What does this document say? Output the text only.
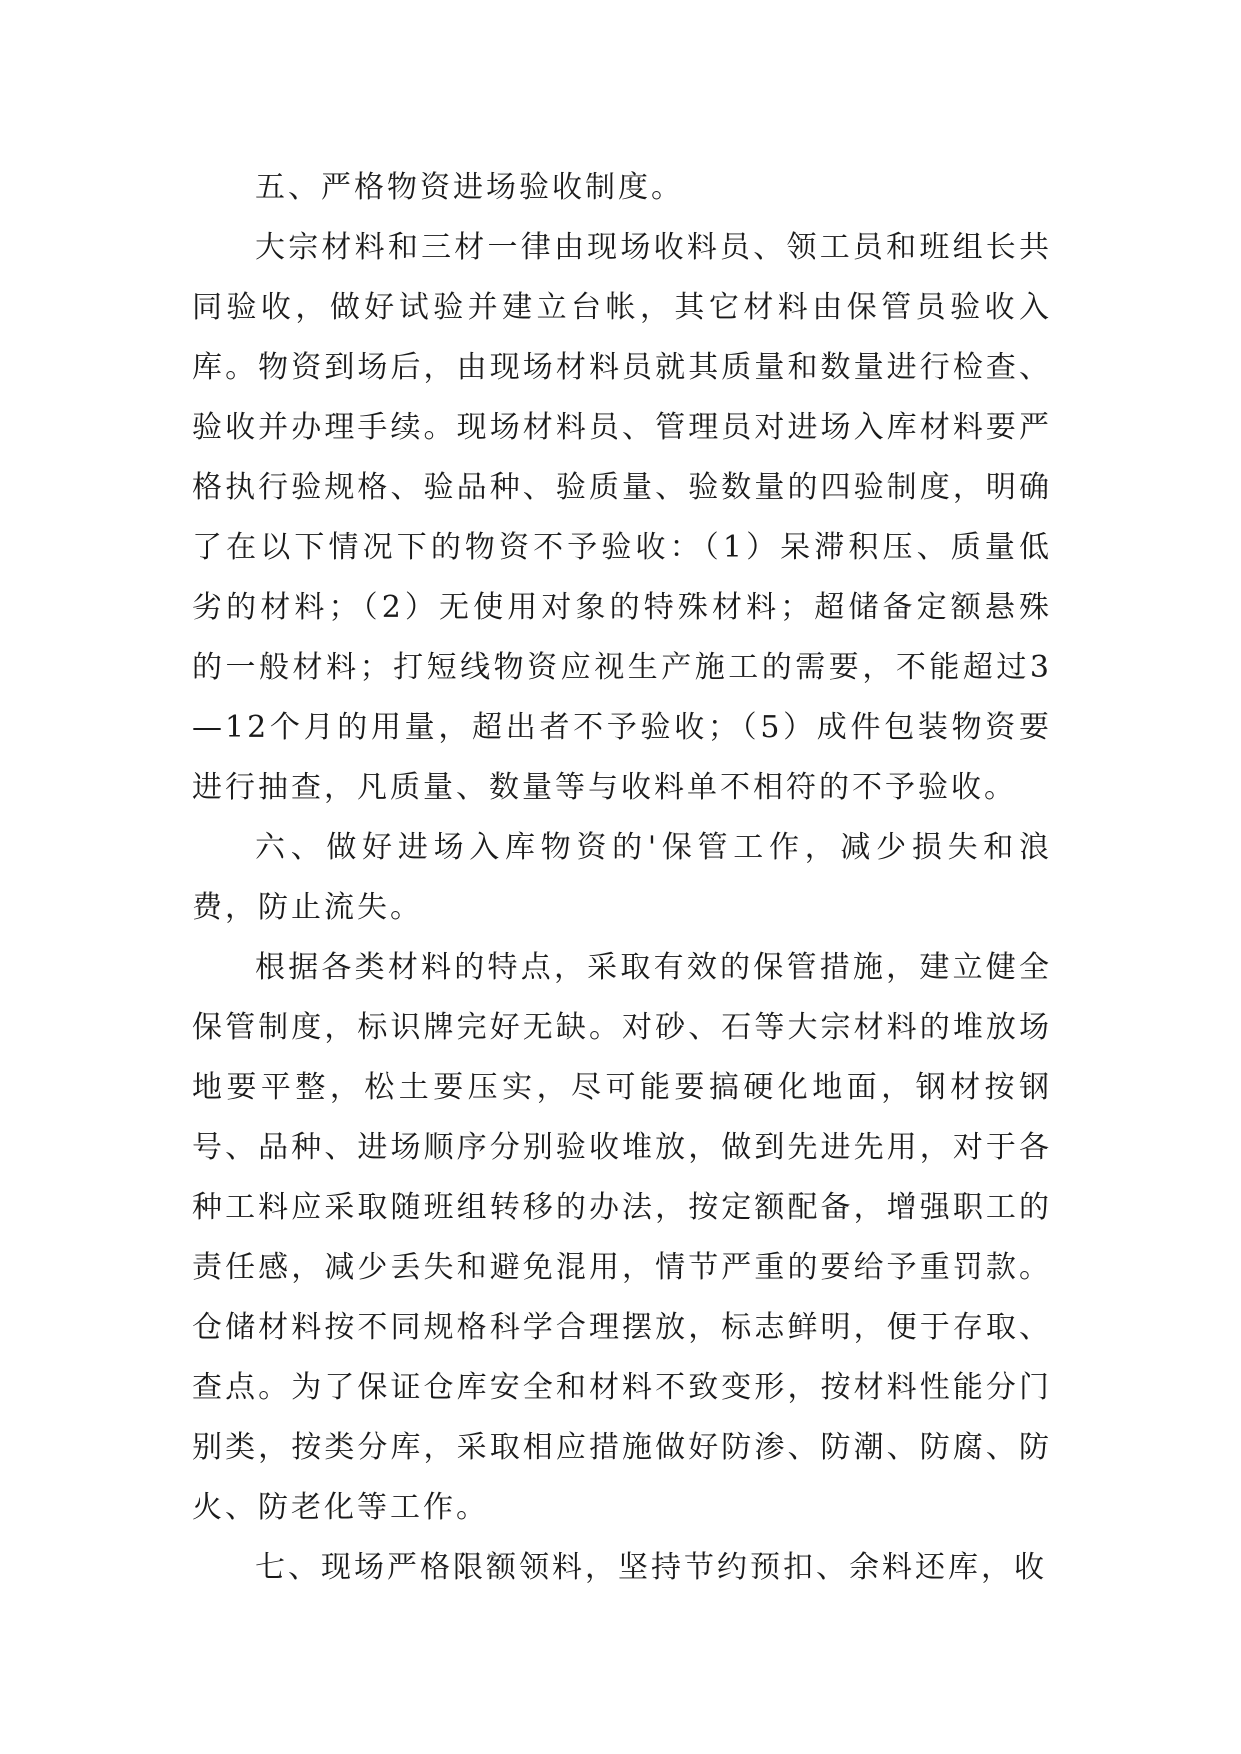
五、严格物资进场验收制度。

大宗材料和三材一律由现场收料员、领工员和班组长共同验收，做好试验并建立台帐，其它材料由保管员验收入库。物资到场后，由现场材料员就其质量和数量进行检查、验收并办理手续。现场材料员、管理员对进场入库材料要严格执行验规格、验品种、验质量、验数量的四验制度，明确了在以下情况下的物资不予验收：（1）呆滞积压、质量低劣的材料；（2）无使用对象的特殊材料；超储备定额悬殊的一般材料；打短线物资应视生产施工的需要，不能超过3—12个月的用量，超出者不予验收；（5）成件包装物资要进行抽查，凡质量、数量等与收料单不相符的不予验收。

六、做好进场入库物资的'保管工作，减少损失和浪费，防止流失。

根据各类材料的特点，采取有效的保管措施，建立健全保管制度，标识牌完好无缺。对砂、石等大宗材料的堆放场地要平整，松土要压实，尽可能要搞硬化地面，钢材按钢号、品种、进场顺序分别验收堆放，做到先进先用，对于各种工料应采取随班组转移的办法，按定额配备，增强职工的责任感，减少丢失和避免混用，情节严重的要给予重罚款。仓储材料按不同规格科学合理摆放，标志鲜明，便于存取、查点。为了保证仓库安全和材料不致变形，按材料性能分门别类，按类分库，采取相应措施做好防渗、防潮、防腐、防火、防老化等工作。

七、现场严格限额领料，坚持节约预扣、余料还库，收
